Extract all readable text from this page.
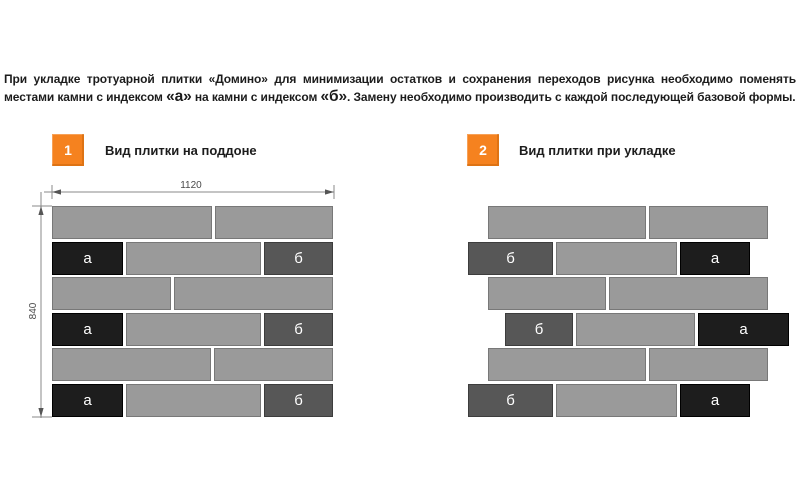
При укладке тротуарной плитки «Домино» для минимизации остатков и сохранения переходов рисунка необходимо поменять местами камни с индексом «а» на камни с индексом «б». Замену необходимо производить с каждой последующей базовой формы.

1	Вид плитки на поддоне	2	Вид плитки при укладке
1120
840
а	б
а	б
а	б
б	а
б	а
б	а
